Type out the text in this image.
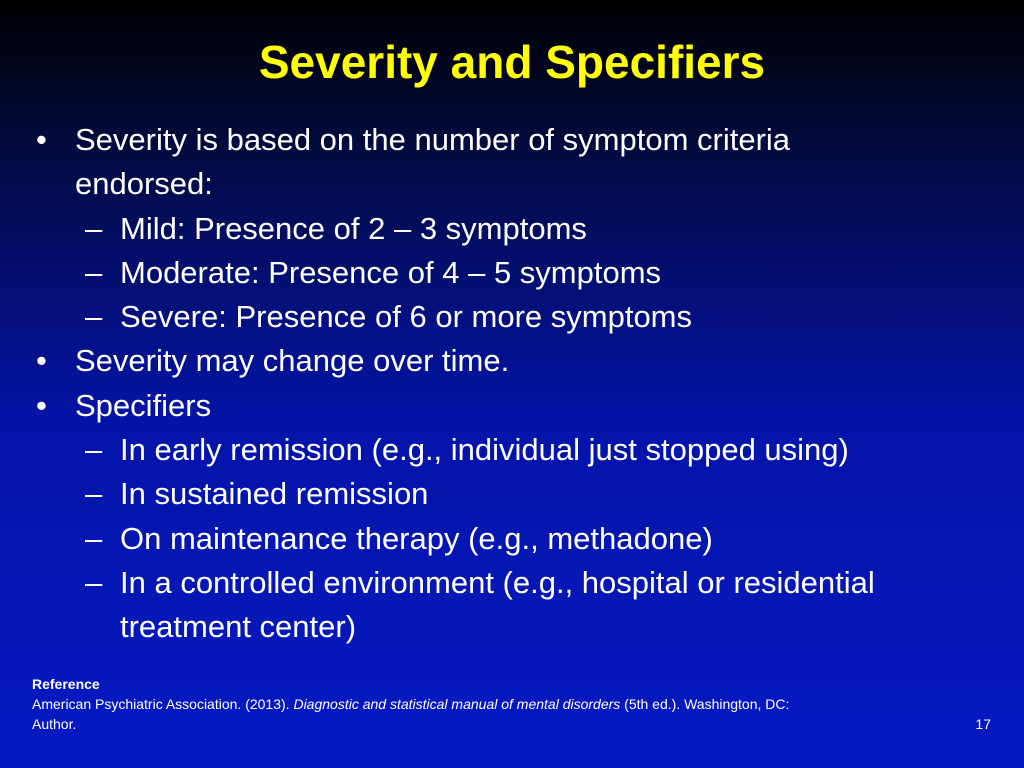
Severity and Specifiers
• Severity is based on the number of symptom criteria
endorsed:
– Mild: Presence of 2 – 3 symptoms
– Moderate: Presence of 4 – 5 symptoms
– Severe: Presence of 6 or more symptoms
• Severity may change over time.
• Specifiers
– In early remission (e.g., individual just stopped using)
– In sustained remission
– On maintenance therapy (e.g., methadone)
– In a controlled environment (e.g., hospital or residential
treatment center)
Reference
American Psychiatric Association. (2013). Diagnostic and statistical manual of mental disorders (5th ed.). Washington, DC:
Author.	17
